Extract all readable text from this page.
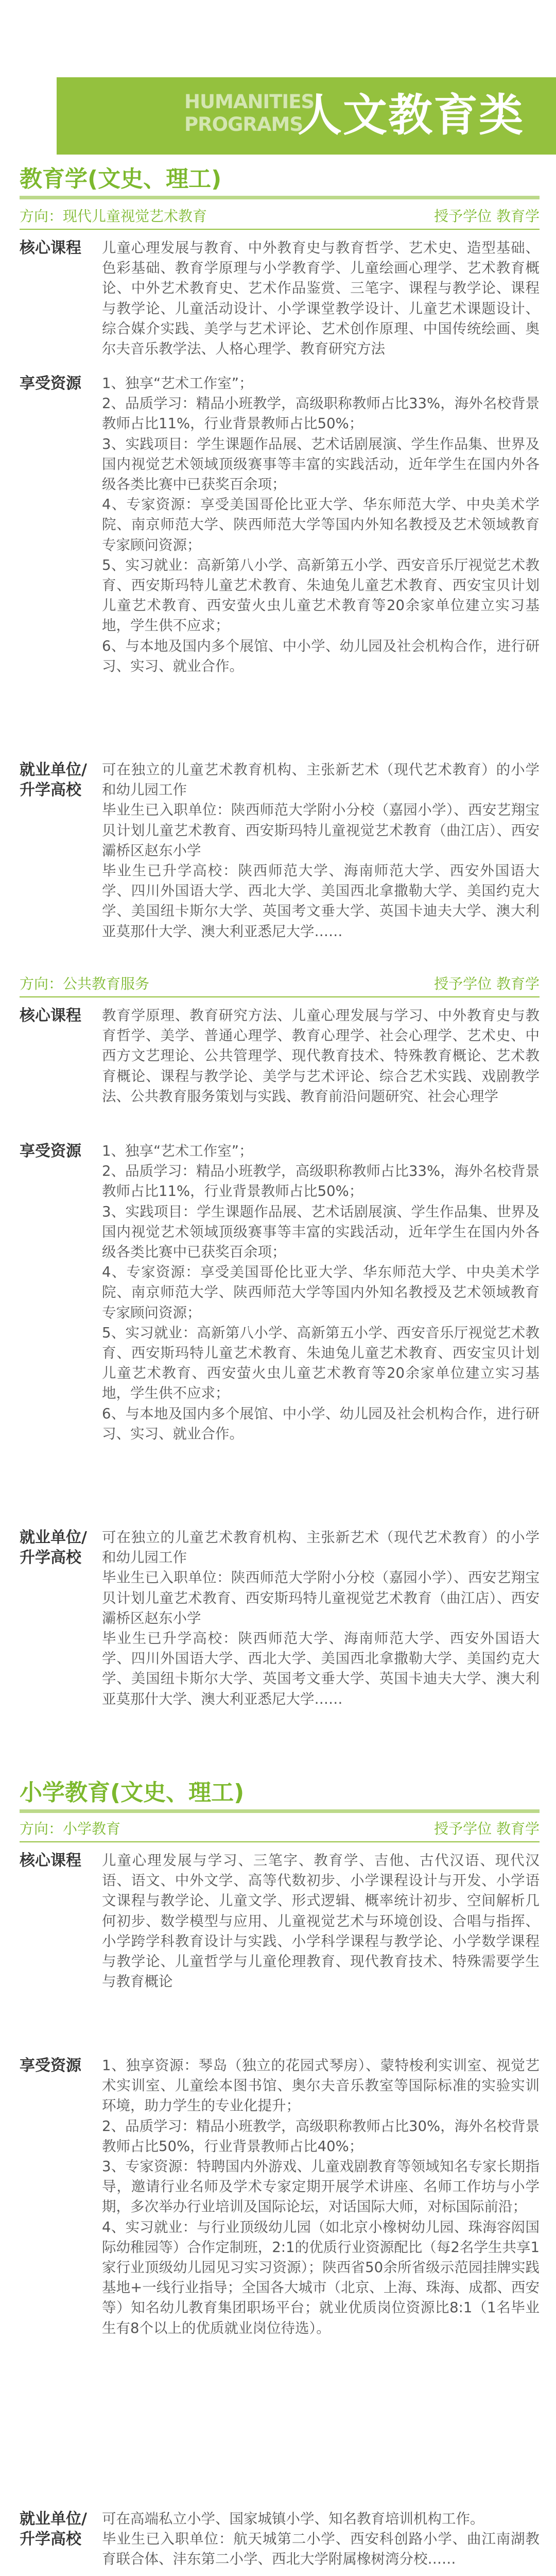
HUMANITIES
PROGRAMS
人文教育类
教育学(文史、理工)
方向：现代儿童视觉艺术教育	授予学位 教育学
核心课程	儿童心理发展与教育、中外教育史与教育哲学、艺术史、造型基础、色彩基础、教育学原理与小学教育学、儿童绘画心理学、艺术教育概论、中外艺术教育史、艺术作品鉴赏、三笔字、课程与教学论、课程与教学论、儿童活动设计、小学课堂教学设计、儿童艺术课题设计、综合媒介实践、美学与艺术评论、艺术创作原理、中国传统绘画、奥尔夫音乐教学法、人格心理学、教育研究方法
享受资源	1、独享“艺术工作室”；

2、品质学习：精品小班教学，高级职称教师占比33%，海外名校背景教师占比11%，行业背景教师占比50%；

3、实践项目：学生课题作品展、艺术话剧展演、学生作品集、世界及国内视觉艺术领域顶级赛事等丰富的实践活动，近年学生在国内外各级各类比赛中已获奖百余项；

4、专家资源：享受美国哥伦比亚大学、华东师范大学、中央美术学院、南京师范大学、陕西师范大学等国内外知名教授及艺术领域教育专家顾问资源；

5、实习就业：高新第八小学、高新第五小学、西安音乐厅视觉艺术教育、西安斯玛特儿童艺术教育、朱迪兔儿童艺术教育、西安宝贝计划儿童艺术教育、西安萤火虫儿童艺术教育等20余家单位建立实习基地，学生供不应求；

6、与本地及国内多个展馆、中小学、幼儿园及社会机构合作，进行研习、实习、就业合作。

就业单位/
升学高校

可在独立的儿童艺术教育机构、主张新艺术（现代艺术教育）的小学和幼儿园工作

毕业生已入职单位：陕西师范大学附小分校（嘉园小学）、西安艺翔宝贝计划儿童艺术教育、西安斯玛特儿童视觉艺术教育（曲江店）、西安灞桥区赵东小学

毕业生已升学高校：陕西师范大学、海南师范大学、西安外国语大学、四川外国语大学、西北大学、美国西北拿撒勒大学、美国约克大学、美国纽卡斯尔大学、英国考文垂大学、英国卡迪夫大学、澳大利亚莫那什大学、澳大利亚悉尼大学……

方向：公共教育服务	授予学位 教育学
核心课程	教育学原理、教育研究方法、儿童心理发展与学习、中外教育史与教育哲学、美学、普通心理学、教育心理学、社会心理学、艺术史、中西方文艺理论、公共管理学、现代教育技术、特殊教育概论、艺术教育概论、课程与教学论、美学与艺术评论、综合艺术实践、戏剧教学法、公共教育服务策划与实践、教育前沿问题研究、社会心理学
享受资源	1、独享“艺术工作室”；

2、品质学习：精品小班教学，高级职称教师占比33%，海外名校背景教师占比11%，行业背景教师占比50%；

3、实践项目：学生课题作品展、艺术话剧展演、学生作品集、世界及国内视觉艺术领域顶级赛事等丰富的实践活动，近年学生在国内外各级各类比赛中已获奖百余项；

4、专家资源：享受美国哥伦比亚大学、华东师范大学、中央美术学院、南京师范大学、陕西师范大学等国内外知名教授及艺术领域教育专家顾问资源；

5、实习就业：高新第八小学、高新第五小学、西安音乐厅视觉艺术教育、西安斯玛特儿童艺术教育、朱迪兔儿童艺术教育、西安宝贝计划儿童艺术教育、西安萤火虫儿童艺术教育等20余家单位建立实习基地，学生供不应求；

6、与本地及国内多个展馆、中小学、幼儿园及社会机构合作，进行研习、实习、就业合作。

就业单位/
升学高校

可在独立的儿童艺术教育机构、主张新艺术（现代艺术教育）的小学和幼儿园工作

毕业生已入职单位：陕西师范大学附小分校（嘉园小学）、西安艺翔宝贝计划儿童艺术教育、西安斯玛特儿童视觉艺术教育（曲江店）、西安灞桥区赵东小学

毕业生已升学高校：陕西师范大学、海南师范大学、西安外国语大学、四川外国语大学、西北大学、美国西北拿撒勒大学、美国约克大学、美国纽卡斯尔大学、英国考文垂大学、英国卡迪夫大学、澳大利亚莫那什大学、澳大利亚悉尼大学……

小学教育(文史、理工)
方向：小学教育	授予学位 教育学
核心课程	儿童心理发展与学习、三笔字、教育学、吉他、古代汉语、现代汉语、语文、中外文学、高等代数初步、小学课程设计与开发、小学语文课程与教学论、儿童文学、形式逻辑、概率统计初步、空间解析几何初步、数学模型与应用、儿童视觉艺术与环境创设、合唱与指挥、小学跨学科教育设计与实践、小学科学课程与教学论、小学数学课程与教学论、儿童哲学与儿童伦理教育、现代教育技术、特殊需要学生与教育概论
享受资源	1、独享资源：琴岛（独立的花园式琴房）、蒙特梭利实训室、视觉艺术实训室、儿童绘本图书馆、奥尔夫音乐教室等国际标准的实验实训环境，助力学生的专业化提升；

2、品质学习：精品小班教学，高级职称教师占比30%，海外名校背景教师占比50%，行业背景教师占比40%；

3、专家资源：特聘国内外游戏、儿童戏剧教育等领域知名专家长期指导，邀请行业名师及学术专家定期开展学术讲座、名师工作坊与小学期，多次举办行业培训及国际论坛，对话国际大师，对标国际前沿；

4、实习就业：与行业顶级幼儿园（如北京小橡树幼儿园、珠海容闳国际幼稚园等）合作定制班，2:1的优质行业资源配比（每2名学生共享1家行业顶级幼儿园见习实习资源）；陕西省50余所省级示范园挂牌实践基地+一线行业指导；全国各大城市（北京、上海、珠海、成都、西安等）知名幼儿教育集团职场平台；就业优质岗位资源比8:1（1名毕业生有8个以上的优质就业岗位待选）。

就业单位/
升学高校

可在高端私立小学、国家城镇小学、知名教育培训机构工作。

毕业生已入职单位：航天城第二小学、西安科创路小学、曲江南湖教育联合体、沣东第二小学、西北大学附属橡树湾分校……
